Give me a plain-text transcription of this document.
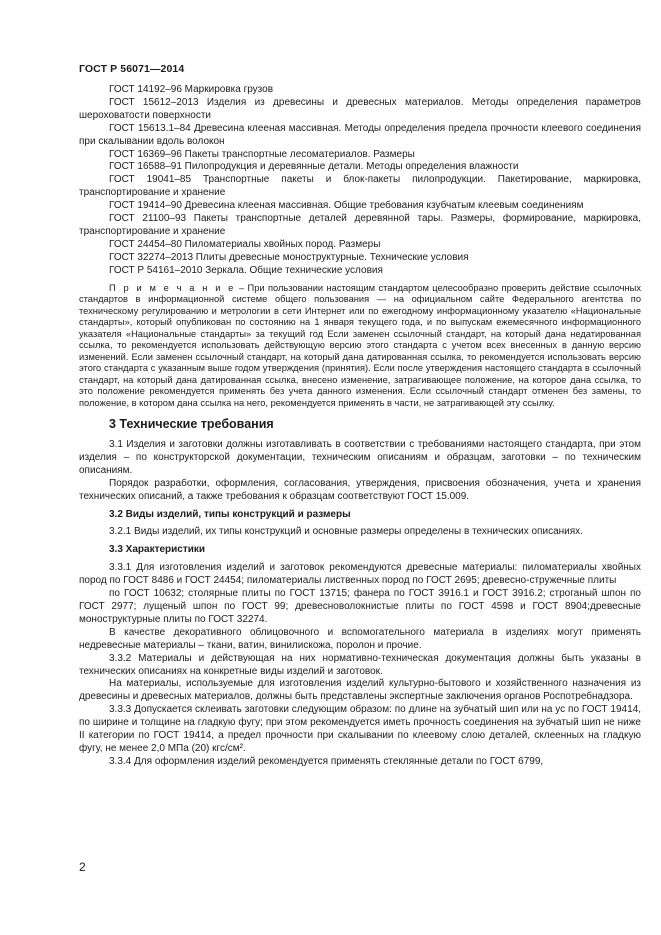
ГОСТ Р 56071—2014

ГОСТ 14192–96 Маркировка грузов

ГОСТ 15612–2013 Изделия из древесины и древесных материалов. Методы определения параметров шероховатости поверхности

ГОСТ 15613.1–84 Древесина клееная массивная. Методы определения предела прочности клеевого соединения при скалывании вдоль волокон

ГОСТ 16369–96 Пакеты транспортные лесоматериалов. Размеры

ГОСТ 16588–91 Пилопродукция и деревянные детали. Методы определения влажности

ГОСТ 19041–85 Транспортные пакеты и блок-пакеты пилопродукции. Пакетирование, маркировка, транспортирование и хранение

ГОСТ 19414–90 Древесина клееная массивная. Общие требования кзубчатым клеевым соединениям

ГОСТ 21100–93 Пакеты транспортные деталей деревянной тары. Размеры, формирование, маркировка, транспортирование и хранение

ГОСТ 24454–80 Пиломатериалы хвойных пород. Размеры

ГОСТ 32274–2013 Плиты древесные моноструктурные. Технические условия

ГОСТ Р 54161–2010 Зеркала. Общие технические условия

П р и м е ч а н и е – При пользовании настоящим стандартом целесообразно проверить действие ссылочных стандартов в информационной системе общего пользования — на официальном сайте Федерального агентства по техническому регулированию и метрологии в сети Интернет или по ежегодному информационному указателю «Национальные стандарты», который опубликован по состоянию на 1 января текущего года, и по выпускам ежемесячного информационного указателя «Национальные стандарты» за текущий год Если заменен ссылочный стандарт, на который дана недатированная ссылка, то рекомендуется использовать действующую версию этого стандарта с учетом всех внесенных в данную версию изменений. Если заменен ссылочный стандарт, на который дана датированная ссылка, то рекомендуется использовать версию этого стандарта с указанным выше годом утверждения (принятия). Если после утверждения настоящего стандарта в ссылочный стандарт, на который дана датированная ссылка, внесено изменение, затрагивающее положение, на которое дана ссылка, то это положение рекомендуется применять без учета данного изменения. Если ссылочный стандарт отменен без замены, то положение, в котором дана ссылка на него, рекомендуется применять в части, не затрагивающей эту ссылку.

3 Технические требования

3.1 Изделия и заготовки должны изготавливать в соответствии с требованиями настоящего стандарта, при этом изделия – по конструкторской документации, техническим описаниям и образцам, заготовки – по техническим описаниям.

Порядок разработки, оформления, согласования, утверждения, присвоения обозначения, учета и хранения технических описаний, а также требования к образцам соответствуют ГОСТ 15.009.

3.2 Виды изделий, типы конструкций и размеры

3.2.1 Виды изделий, их типы конструкций и основные размеры определены в технических описаниях.

3.3 Характеристики

3.3.1 Для изготовления изделий и заготовок рекомендуются древесные материалы: пиломатериалы хвойных пород по ГОСТ 8486 и ГОСТ 24454; пиломатериалы лиственных пород по ГОСТ 2695; древесно-стружечные плиты

по ГОСТ 10632; столярные плиты по ГОСТ 13715; фанера по ГОСТ 3916.1 и ГОСТ 3916.2; строганый шпон по ГОСТ 2977; лущеный шпон по ГОСТ 99; древесноволокнистые плиты по ГОСТ 4598 и ГОСТ 8904;древесные моноструктурные плиты по ГОСТ 32274.

В качестве декоративного облицовочного и вспомогательного материала в изделиях могут применять недревесные материалы – ткани, ватин, винилискожа, поролон и прочие.

3.3.2 Материалы и действующая на них нормативно-техническая документация должны быть указаны в технических описаниях на конкретные виды изделий и заготовок.

На материалы, используемые для изготовления изделий культурно-бытового и хозяйственного назначения из древесины и древесных материалов, должны быть представлены экспертные заключения органов Роспотребнадзора.

3.3.3 Допускается склеивать заготовки следующим образом: по длине на зубчатый шип или на ус по ГОСТ 19414, по ширине и толщине на гладкую фугу; при этом рекомендуется иметь прочность соединения на зубчатый шип не ниже II категории по ГОСТ 19414, а предел прочности при скалывании по клеевому слою деталей, склеенных на гладкую фугу, не менее 2,0 МПа (20) кгс/см².

3.3.4 Для оформления изделий рекомендуется применять стеклянные детали по ГОСТ 6799,

2
